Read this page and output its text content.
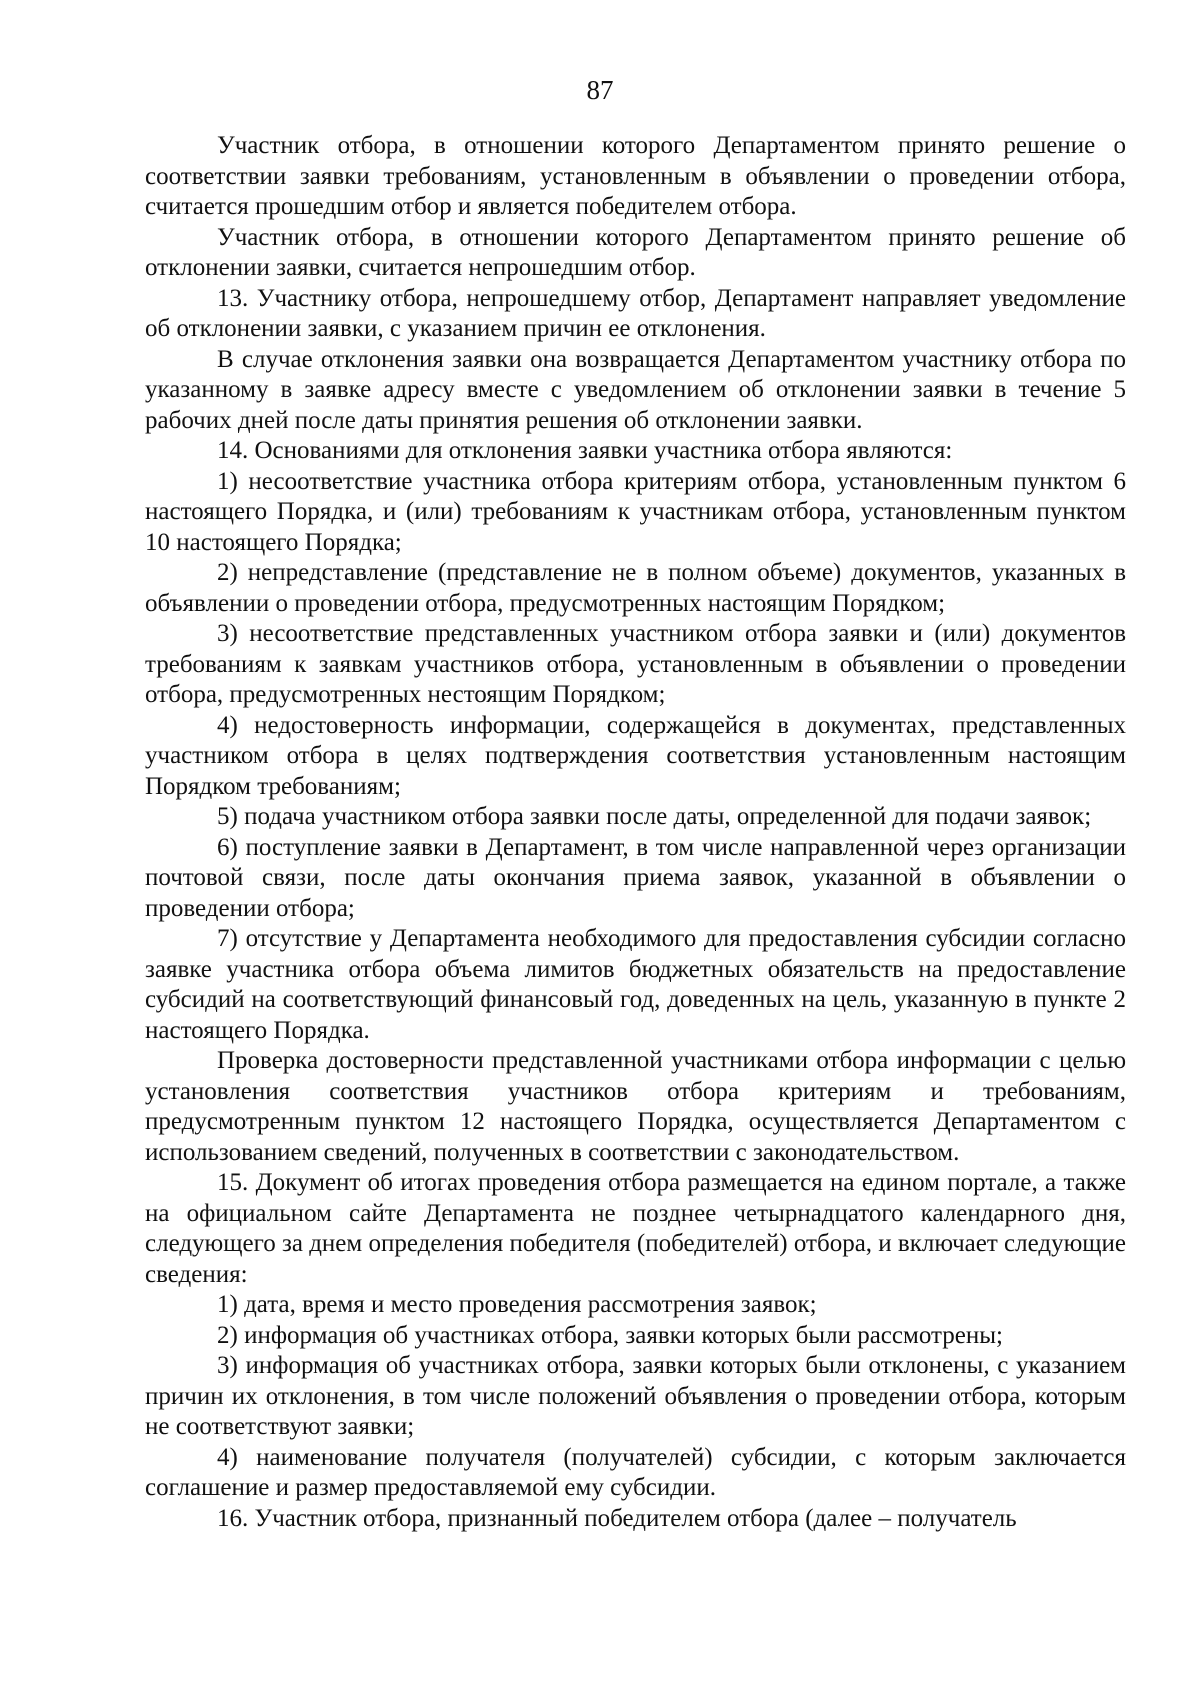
87

Участник отбора, в отношении которого Департаментом принято решение о соответствии заявки требованиям, установленным в объявлении о проведении отбора, считается прошедшим отбор и является победителем отбора.

Участник отбора, в отношении которого Департаментом принято решение об отклонении заявки, считается непрошедшим отбор.

13. Участнику отбора, непрошедшему отбор, Департамент направляет уведомление об отклонении заявки, с указанием причин ее отклонения.

В случае отклонения заявки она возвращается Департаментом участнику отбора по указанному в заявке адресу вместе с уведомлением об отклонении заявки в течение 5 рабочих дней после даты принятия решения об отклонении заявки.

14. Основаниями для отклонения заявки участника отбора являются:

1) несоответствие участника отбора критериям отбора, установленным пунктом 6 настоящего Порядка, и (или) требованиям к участникам отбора, установленным пунктом 10 настоящего Порядка;

2) непредставление (представление не в полном объеме) документов, указанных в объявлении о проведении отбора, предусмотренных настоящим Порядком;

3) несоответствие представленных участником отбора заявки и (или) документов требованиям к заявкам участников отбора, установленным в объявлении о проведении отбора, предусмотренных нестоящим Порядком;

4) недостоверность информации, содержащейся в документах, представленных участником отбора в целях подтверждения соответствия установленным настоящим Порядком требованиям;

5) подача участником отбора заявки после даты, определенной для подачи заявок;

6) поступление заявки в Департамент, в том числе направленной через организации почтовой связи, после даты окончания приема заявок, указанной в объявлении о проведении отбора;

7) отсутствие у Департамента необходимого для предоставления субсидии согласно заявке участника отбора объема лимитов бюджетных обязательств на предоставление субсидий на соответствующий финансовый год, доведенных на цель, указанную в пункте 2 настоящего Порядка.

Проверка достоверности представленной участниками отбора информации с целью установления соответствия участников отбора критериям и требованиям, предусмотренным пунктом 12 настоящего Порядка, осуществляется Департаментом с использованием сведений, полученных в соответствии с законодательством.

15. Документ об итогах проведения отбора размещается на едином портале, а также на официальном сайте Департамента не позднее четырнадцатого календарного дня, следующего за днем определения победителя (победителей) отбора, и включает следующие сведения:

1) дата, время и место проведения рассмотрения заявок;

2) информация об участниках отбора, заявки которых были рассмотрены;

3) информация об участниках отбора, заявки которых были отклонены, с указанием причин их отклонения, в том числе положений объявления о проведении отбора, которым не соответствуют заявки;

4) наименование получателя (получателей) субсидии, с которым заключается соглашение и размер предоставляемой ему субсидии.

16. Участник отбора, признанный победителем отбора (далее – получатель
